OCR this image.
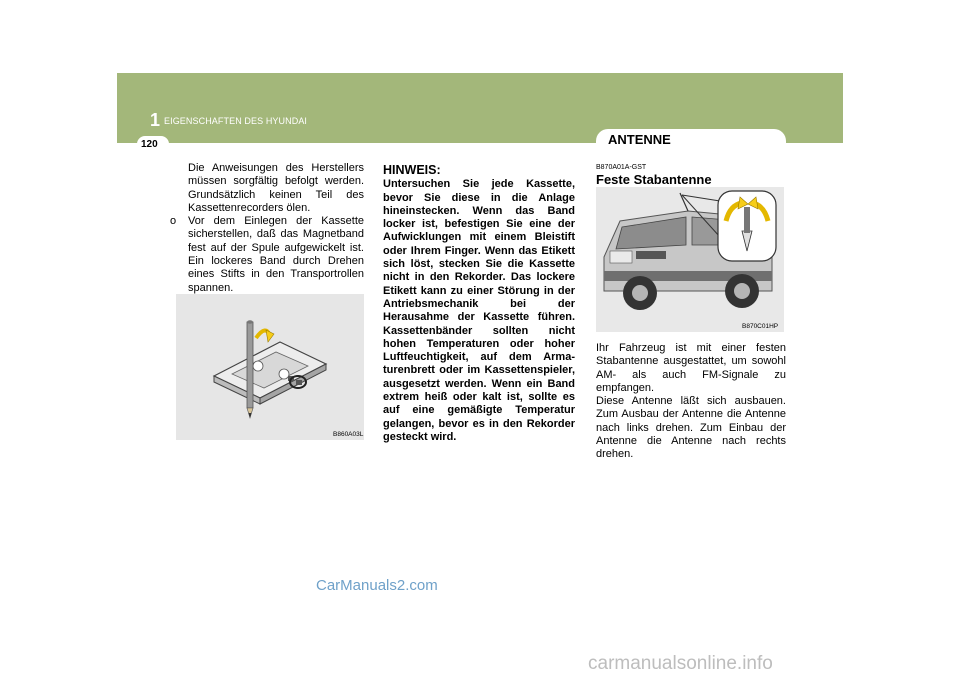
1 EIGENSCHAFTEN DES HYUNDAI
120	ANTENNE
Die Anweisungen des Herstellers müssen sorgfältig befolgt werden. Grundsätzlich keinen Teil des Kassettenrecorders ölen.
o Vor dem Einlegen der Kassette sicherstellen, daß das Magnetband fest auf der Spule aufgewickelt ist. Ein lockeres Band durch Drehen eines Stifts in den Transportrollen spannen.
B860A03L
HINWEIS:
Untersuchen Sie jede Kassette, bevor Sie diese in die Anlage hineinstecken. Wenn das Band locker ist, befestigen Sie eine der Aufwicklungen mit einem Bleistift oder Ihrem Finger. Wenn das Etikett sich löst, stecken Sie die Kassette nicht in den Rekorder. Das lockere Etikett kann zu einer Störung in der Antriebsmechanik bei der Herausahme der Kassette führen. Kassettenbänder sollten nicht hohen Temperaturen oder hoher Luftfeuchtigkeit, auf dem Arma- turenbrett oder im Kassettenspieler, ausgesetzt werden. Wenn ein Band extrem heiß oder kalt ist, sollte es auf eine gemäßigte Temperatur gelangen, bevor es in den Rekorder gesteckt wird.
B870A01A-GST
Feste Stabantenne
Ihr Fahrzeug ist mit einer festen Stabantenne ausgestattet, um sowohl AM- als auch FM-Signale zu empfangen.
Diese Antenne läßt sich ausbauen. Zum Ausbau der Antenne die Antenne nach links drehen. Zum Einbau der Antenne die Antenne nach rechts drehen.
B870C01HP
CarManuals2.com
carmanualsonline.info
